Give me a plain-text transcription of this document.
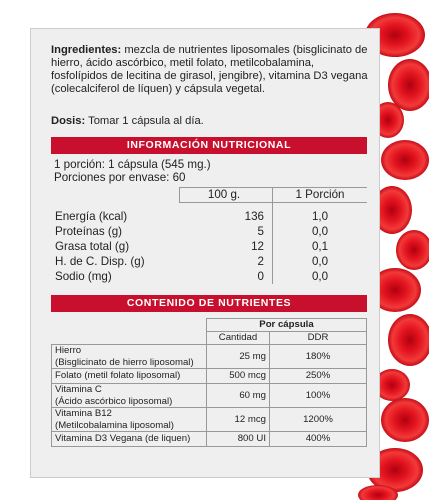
Ingredientes: mezcla de nutrientes liposomales (bisglicinato de hierro, ácido ascórbico, metil folato, metilcobalamina, fosfolípidos de lecitina de girasol, jengibre), vitamina D3 vegana (colecalciferol de líquen) y cápsula vegetal.
Dosis: Tomar 1 cápsula al día.
INFORMACIÓN NUTRICIONAL
1 porción: 1 cápsula (545 mg.)
Porciones por envase: 60
	100 g.	1 Porción
Energía (kcal)	136	1,0
Proteínas (g)	5	0,0
Grasa total (g)	12	0,1
H. de C. Disp. (g)	2	0,0
Sodio (mg)	0	0,0
CONTENIDO DE NUTRIENTES
	Por cápsula	
	Cantidad	DDR
Hierro
(Bisglicinato de hierro liposomal)	25 mg	180%
Folato (metil folato liposomal)	500 mcg	250%
Vitamina C
(Ácido ascórbico liposomal)	60 mg	100%
Vitamina B12
(Metilcobalamina liposomal)	12 mcg	1200%
Vitamina D3 Vegana (de liquen)	800 UI	400%
